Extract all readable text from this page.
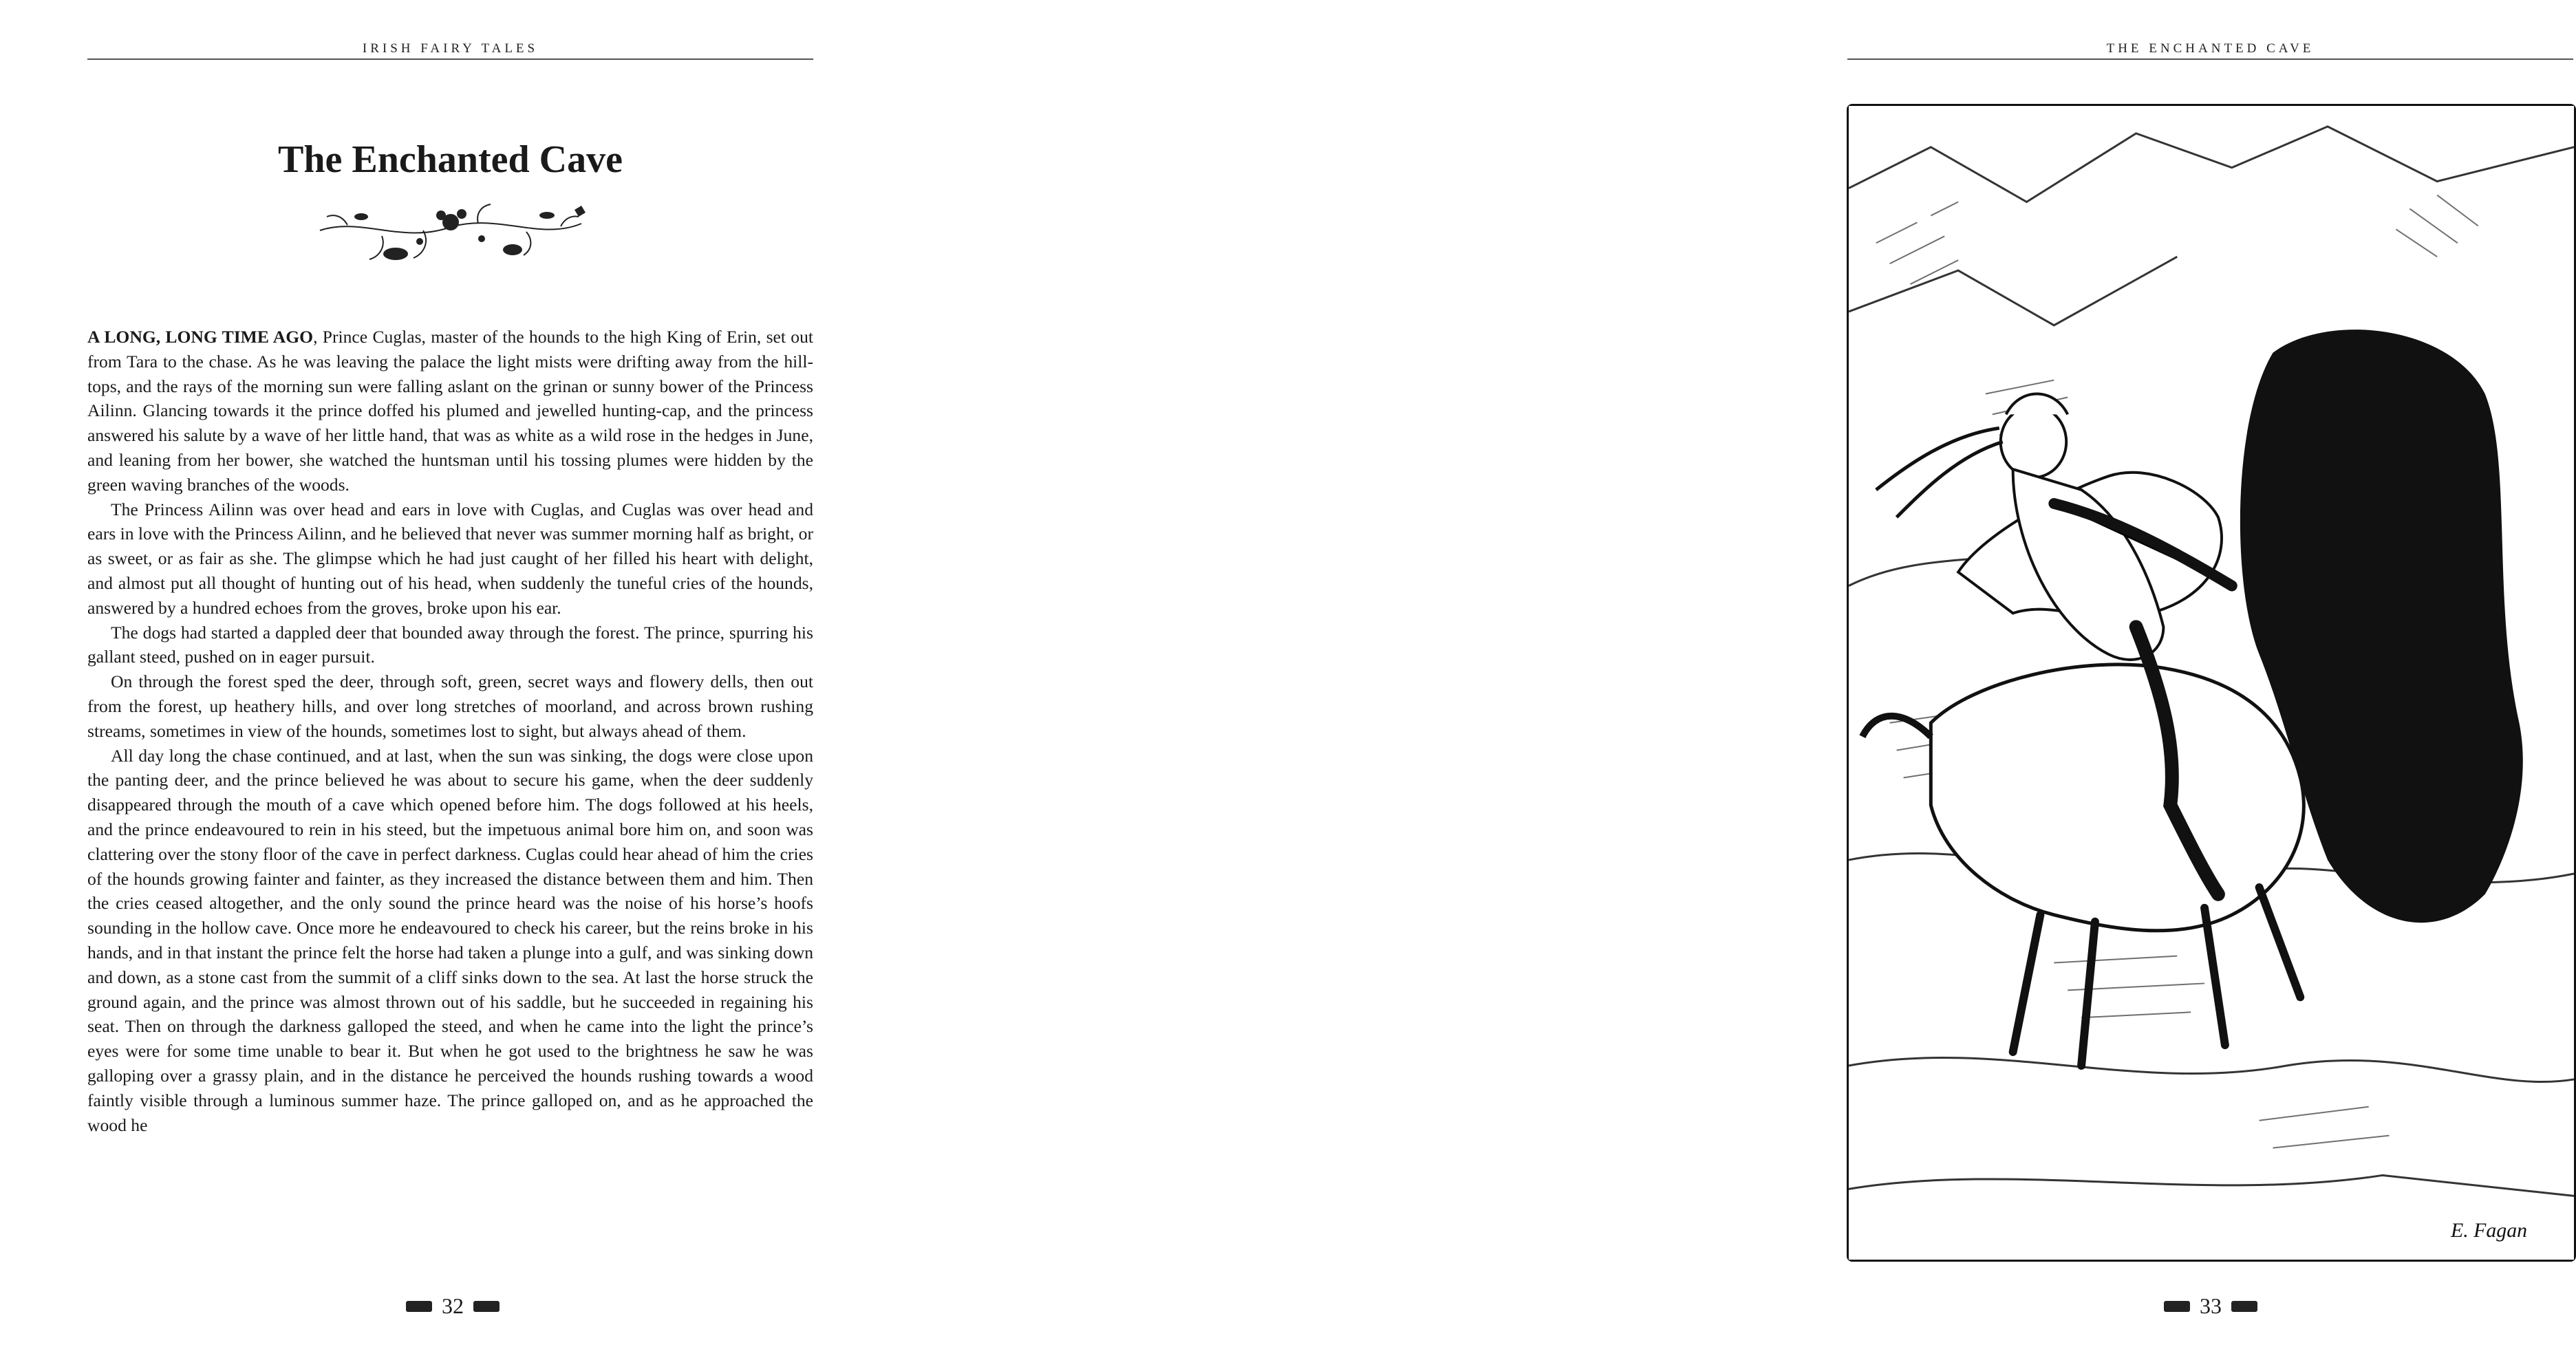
IRISH FAIRY TALES
The Enchanted Cave

A LONG, LONG TIME AGO, Prince Cuglas, master of the hounds to the high King of Erin, set out from Tara to the chase. As he was leaving the palace the light mists were drifting away from the hill-tops, and the rays of the morning sun were falling aslant on the grinan or sunny bower of the Princess Ailinn. Glancing towards it the prince doffed his plumed and jewelled hunting-cap, and the princess answered his salute by a wave of her little hand, that was as white as a wild rose in the hedges in June, and leaning from her bower, she watched the huntsman until his tossing plumes were hidden by the green waving branches of the woods.

The Princess Ailinn was over head and ears in love with Cuglas, and Cuglas was over head and ears in love with the Princess Ailinn, and he believed that never was summer morning half as bright, or as sweet, or as fair as she. The glimpse which he had just caught of her filled his heart with delight, and almost put all thought of hunting out of his head, when suddenly the tuneful cries of the hounds, answered by a hundred echoes from the groves, broke upon his ear.

The dogs had started a dappled deer that bounded away through the forest. The prince, spurring his gallant steed, pushed on in eager pursuit.

On through the forest sped the deer, through soft, green, secret ways and flowery dells, then out from the forest, up heathery hills, and over long stretches of moorland, and across brown rushing streams, sometimes in view of the hounds, sometimes lost to sight, but always ahead of them.

All day long the chase continued, and at last, when the sun was sinking, the dogs were close upon the panting deer, and the prince believed he was about to secure his game, when the deer suddenly disappeared through the mouth of a cave which opened before him. The dogs followed at his heels, and the prince endeavoured to rein in his steed, but the impetuous animal bore him on, and soon was clattering over the stony floor of the cave in perfect darkness. Cuglas could hear ahead of him the cries of the hounds growing fainter and fainter, as they increased the distance between them and him. Then the cries ceased altogether, and the only sound the prince heard was the noise of his horse’s hoofs sounding in the hollow cave. Once more he endeavoured to check his career, but the reins broke in his hands, and in that instant the prince felt the horse had taken a plunge into a gulf, and was sinking down and down, as a stone cast from the summit of a cliff sinks down to the sea. At last the horse struck the ground again, and the prince was almost thrown out of his saddle, but he succeeded in regaining his seat. Then on through the darkness galloped the steed, and when he came into the light the prince’s eyes were for some time unable to bear it. But when he got used to the brightness he saw he was galloping over a grassy plain, and in the distance he perceived the hounds rushing towards a wood faintly visible through a luminous summer haze. The prince galloped on, and as he approached the wood he

32
THE ENCHANTED CAVE
E. Fagan
33
